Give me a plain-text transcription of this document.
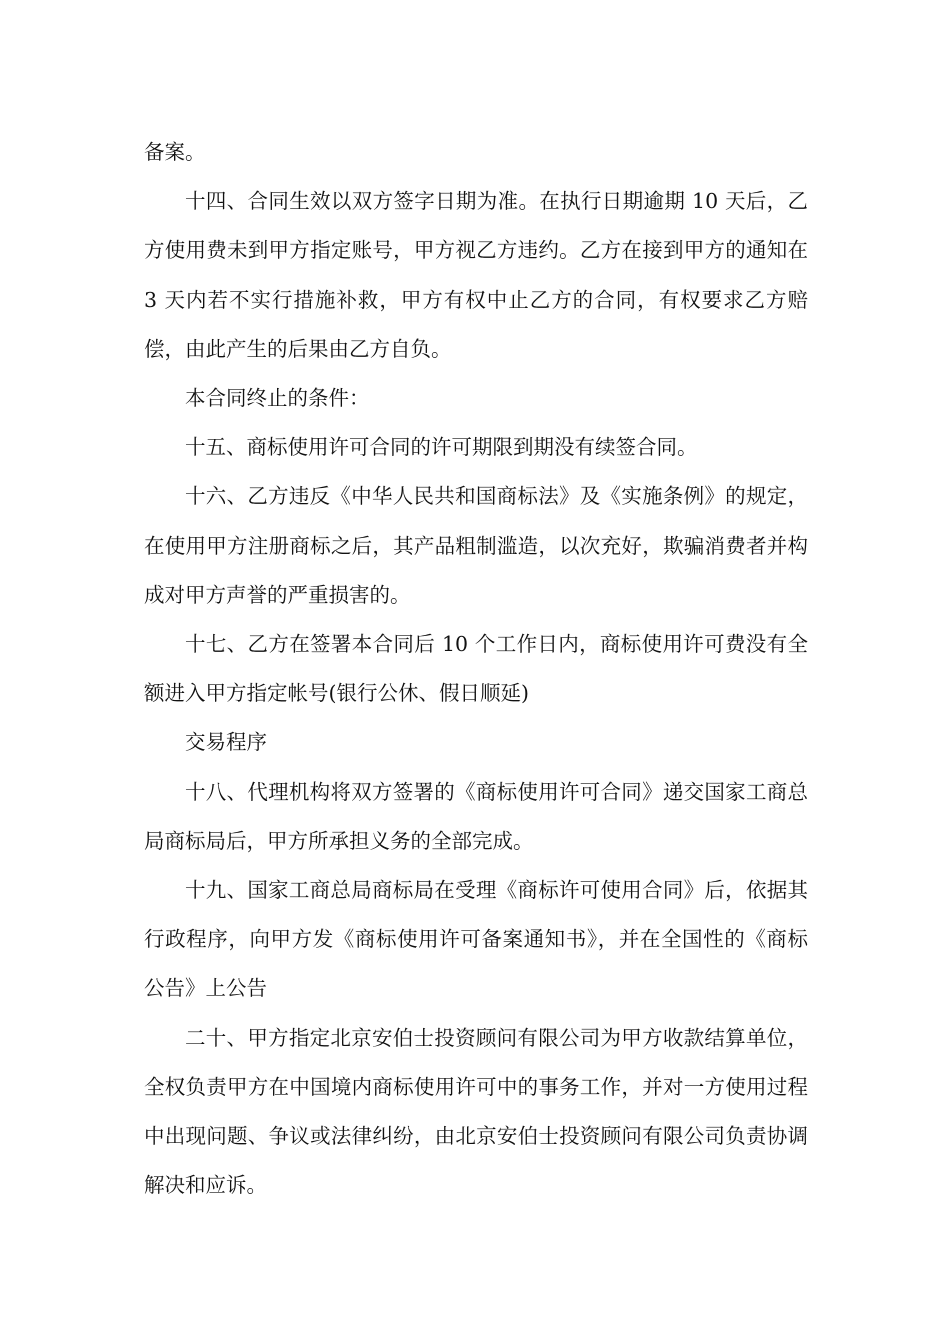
备案。

十四、合同生效以双方签字日期为准。在执行日期逾期 10 天后，乙方使用费未到甲方指定账号，甲方视乙方违约。乙方在接到甲方的通知在 3 天内若不实行措施补救，甲方有权中止乙方的合同，有权要求乙方赔偿，由此产生的后果由乙方自负。

本合同终止的条件：

十五、商标使用许可合同的许可期限到期没有续签合同。

十六、乙方违反《中华人民共和国商标法》及《实施条例》的规定，在使用甲方注册商标之后，其产品粗制滥造，以次充好，欺骗消费者并构成对甲方声誉的严重损害的。

十七、乙方在签署本合同后 10 个工作日内，商标使用许可费没有全额进入甲方指定帐号(银行公休、假日顺延)

交易程序

十八、代理机构将双方签署的《商标使用许可合同》递交国家工商总局商标局后，甲方所承担义务的全部完成。

十九、国家工商总局商标局在受理《商标许可使用合同》后，依据其行政程序，向甲方发《商标使用许可备案通知书》，并在全国性的《商标公告》上公告

二十、甲方指定北京安伯士投资顾问有限公司为甲方收款结算单位，全权负责甲方在中国境内商标使用许可中的事务工作，并对一方使用过程中出现问题、争议或法律纠纷，由北京安伯士投资顾问有限公司负责协调解决和应诉。
